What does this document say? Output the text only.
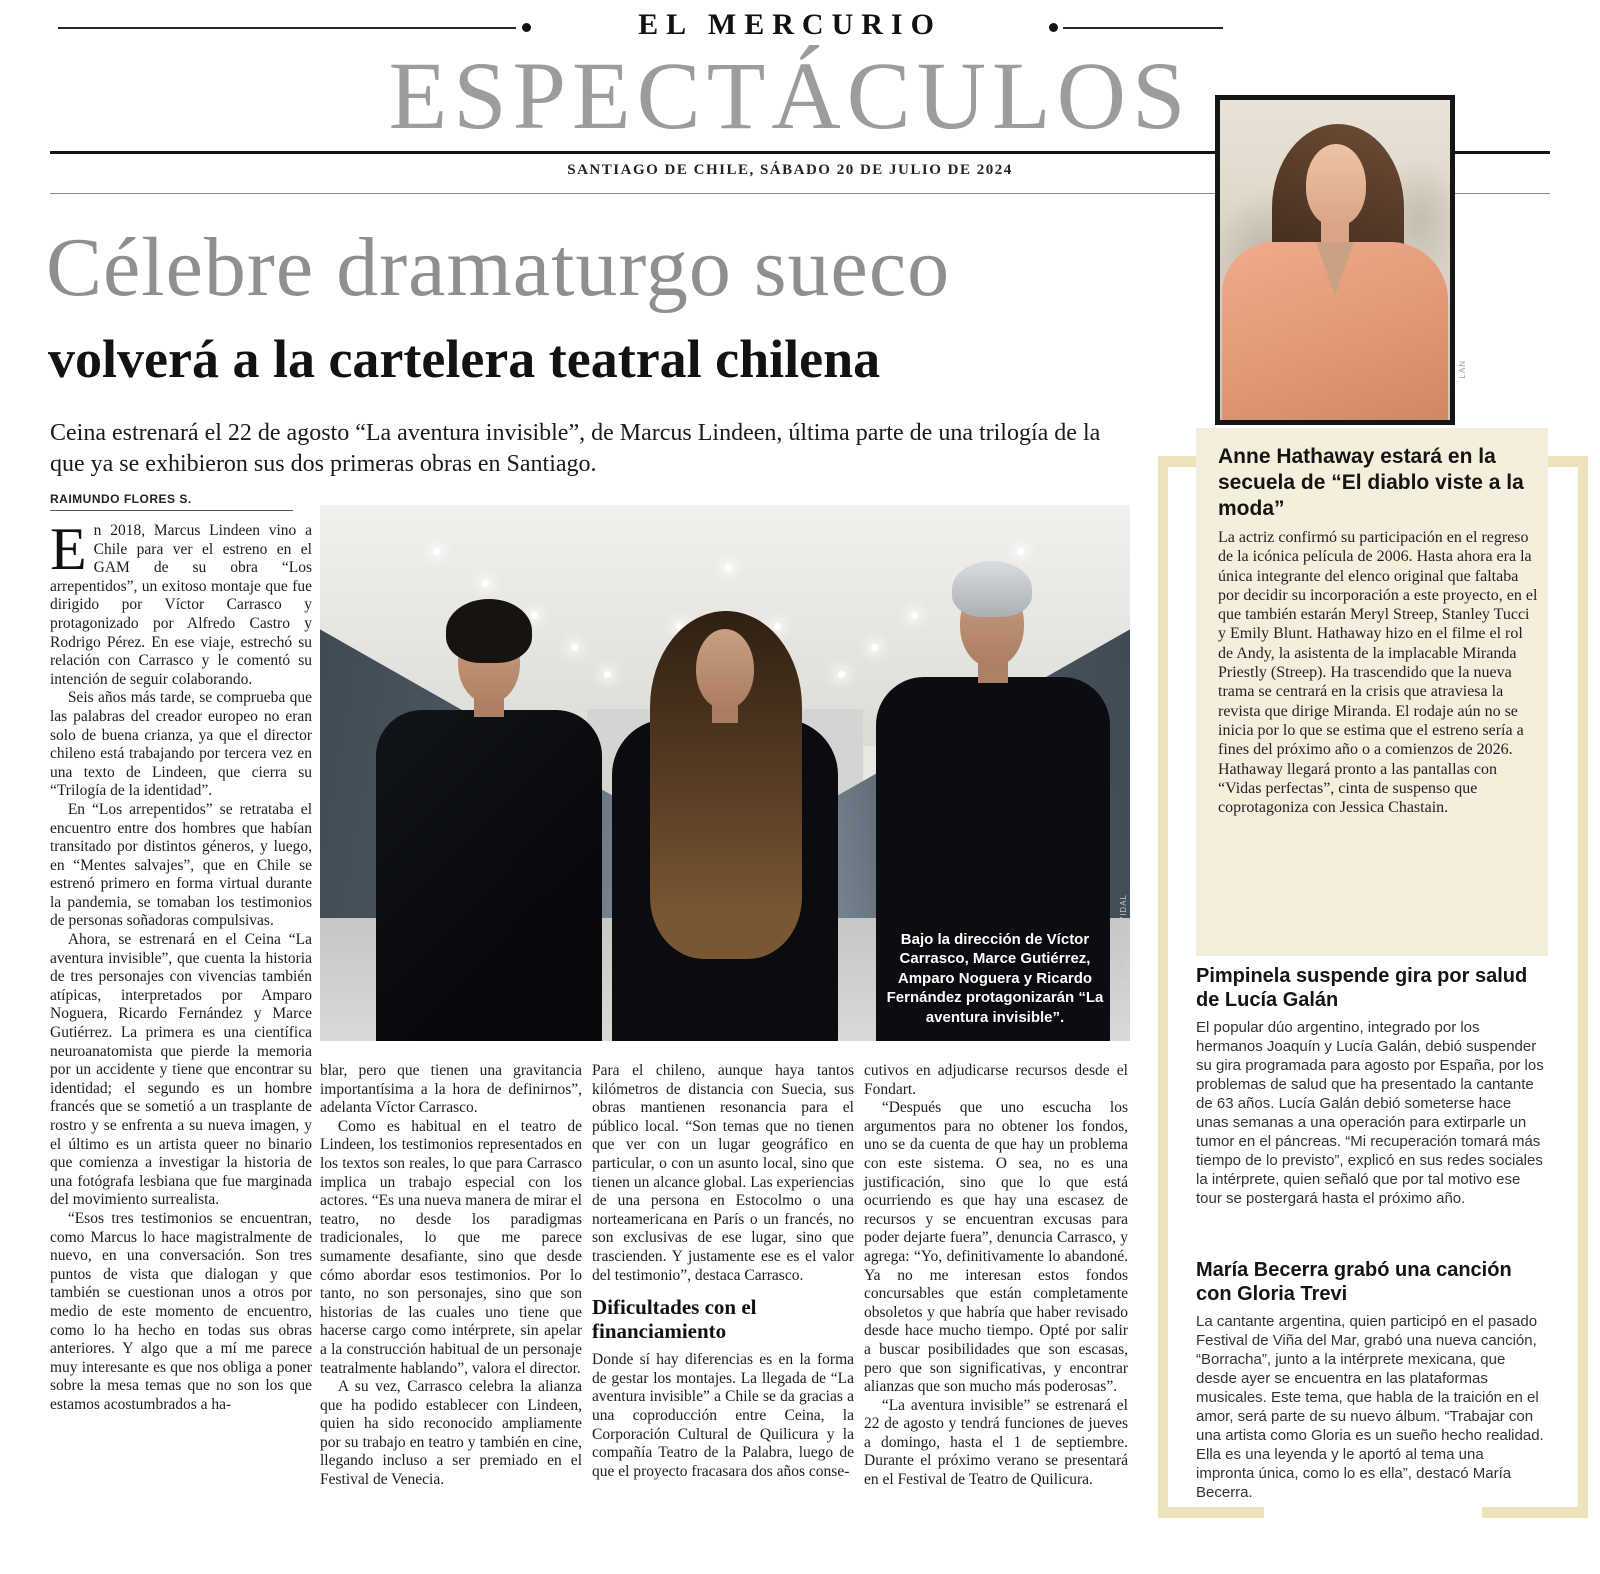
EL MERCURIO
ESPECTÁCULOS
SANTIAGO DE CHILE, SÁBADO 20 DE JULIO DE 2024
Célebre dramaturgo sueco
volverá a la cartelera teatral chilena
Ceina estrenará el 22 de agosto “La aventura invisible”, de Marcus Lindeen, última parte de una trilogía de la que ya se exhibieron sus dos primeras obras en Santiago.
RAIMUNDO FLORES S.

En 2018, Marcus Lindeen vino a Chile para ver el estreno en el GAM de su obra “Los arrepentidos”, un exitoso montaje que fue dirigido por Víctor Carrasco y protagonizado por Alfredo Castro y Rodrigo Pérez. En ese viaje, estrechó su relación con Carrasco y le comentó su intención de seguir colaborando.

Seis años más tarde, se comprueba que las palabras del creador europeo no eran solo de buena crianza, ya que el director chileno está trabajando por tercera vez en una texto de Lindeen, que cierra su “Trilogía de la identidad”.

En “Los arrepentidos” se retrataba el encuentro entre dos hombres que habían transitado por distintos géneros, y luego, en “Mentes salvajes”, que en Chile se estrenó primero en forma virtual durante la pandemia, se tomaban los testimonios de personas soñadoras compulsivas.

Ahora, se estrenará en el Ceina “La aventura invisible”, que cuenta la historia de tres personajes con vivencias también atípicas, interpretados por Amparo Noguera, Ricardo Fernández y Marce Gutiérrez. La primera es una científica neuroanatomista que pierde la memoria por un accidente y tiene que encontrar su identidad; el segundo es un hombre francés que se sometió a un trasplante de rostro y se enfrenta a su nueva imagen, y el último es un artista queer no binario que comienza a investigar la historia de una fotógrafa lesbiana que fue marginada del movimiento surrealista.

“Esos tres testimonios se encuentran, como Marcus lo hace magistralmente de nuevo, en una conversación. Son tres puntos de vista que dialogan y que también se cuestionan unos a otros por medio de este momento de encuentro, como lo ha hecho en todas sus obras anteriores. Y algo que a mí me parece muy interesante es que nos obliga a poner sobre la mesa temas que no son los que estamos acostumbrados a ha-

Bajo la dirección de Víctor Carrasco, Marce Gutiérrez, Amparo Noguera y Ricardo Fernández protagonizarán “La aventura invisible”.
CHRISTIAN VIDAL

blar, pero que tienen una gravitancia importantísima a la hora de definirnos”, adelanta Víctor Carrasco.

Como es habitual en el teatro de Lindeen, los testimonios representados en los textos son reales, lo que para Carrasco implica un trabajo especial con los actores. “Es una nueva manera de mirar el teatro, no desde los paradigmas tradicionales, lo que me parece sumamente desafiante, sino que desde cómo abordar esos testimonios. Por lo tanto, no son personajes, sino que son historias de las cuales uno tiene que hacerse cargo como intérprete, sin apelar a la construcción habitual de un personaje teatralmente hablando”, valora el director.

A su vez, Carrasco celebra la alianza que ha podido establecer con Lindeen, quien ha sido reconocido ampliamente por su trabajo en teatro y también en cine, llegando incluso a ser premiado en el Festival de Venecia.

Para el chileno, aunque haya tantos kilómetros de distancia con Suecia, sus obras mantienen resonancia para el público local. “Son temas que no tienen que ver con un lugar geográfico en particular, o con un asunto local, sino que tienen un alcance global. Las experiencias de una persona en Estocolmo o una norteamericana en París o un francés, no son exclusivas de ese lugar, sino que trascienden. Y justamente ese es el valor del testimonio”, destaca Carrasco.

Dificultades con el financiamiento

Donde sí hay diferencias es en la forma de gestar los montajes. La llegada de “La aventura invisible” a Chile se da gracias a una coproducción entre Ceina, la Corporación Cultural de Quilicura y la compañía Teatro de la Palabra, luego de que el proyecto fracasara dos años conse-

cutivos en adjudicarse recursos desde el Fondart.

“Después que uno escucha los argumentos para no obtener los fondos, uno se da cuenta de que hay un problema con este sistema. O sea, no es una justificación, sino que lo que está ocurriendo es que hay una escasez de recursos y se encuentran excusas para poder dejarte fuera”, denuncia Carrasco, y agrega: “Yo, definitivamente lo abandoné. Ya no me interesan estos fondos concursables que están completamente obsoletos y que habría que haber revisado desde hace mucho tiempo. Opté por salir a buscar posibilidades que son escasas, pero que son significativas, y encontrar alianzas que son mucho más poderosas”.

“La aventura invisible” se estrenará el 22 de agosto y tendrá funciones de jueves a domingo, hasta el 1 de septiembre. Durante el próximo verano se presentará en el Festival de Teatro de Quilicura.

LAN
Anne Hathaway estará en la secuela de “El diablo viste a la moda”
La actriz confirmó su participación en el regreso de la icónica película de 2006. Hasta ahora era la única integrante del elenco original que faltaba por decidir su incorporación a este proyecto, en el que también estarán Meryl Streep, Stanley Tucci y Emily Blunt. Hathaway hizo en el filme el rol de Andy, la asistenta de la implacable Miranda Priestly (Streep). Ha trascendido que la nueva trama se centrará en la crisis que atraviesa la revista que dirige Miranda. El rodaje aún no se inicia por lo que se estima que el estreno sería a fines del próximo año o a comienzos de 2026. Hathaway llegará pronto a las pantallas con “Vidas perfectas”, cinta de suspenso que coprotagoniza con Jessica Chastain.
Pimpinela suspende gira por salud de Lucía Galán
El popular dúo argentino, integrado por los hermanos Joaquín y Lucía Galán, debió suspender su gira programada para agosto por España, por los problemas de salud que ha presentado la cantante de 63 años. Lucía Galán debió someterse hace unas semanas a una operación para extirparle un tumor en el páncreas. “Mi recuperación tomará más tiempo de lo previsto”, explicó en sus redes sociales la intérprete, quien señaló que por tal motivo ese tour se postergará hasta el próximo año.
María Becerra grabó una canción con Gloria Trevi
La cantante argentina, quien participó en el pasado Festival de Viña del Mar, grabó una nueva canción, “Borracha”, junto a la intérprete mexicana, que desde ayer se encuentra en las plataformas musicales. Este tema, que habla de la traición en el amor, será parte de su nuevo álbum. “Trabajar con una artista como Gloria es un sueño hecho realidad. Ella es una leyenda y le aportó al tema una impronta única, como lo es ella”, destacó María Becerra.
